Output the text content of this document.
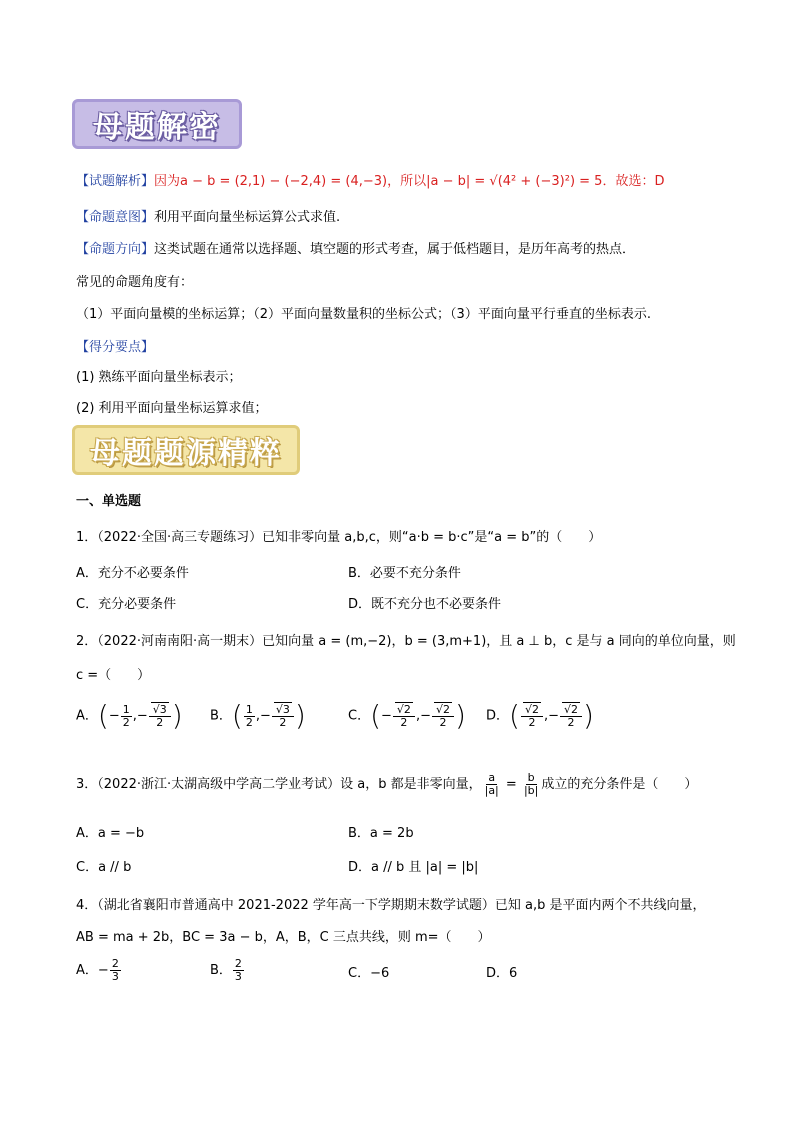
母题解密
【试题解析】因为a − b = (2,1) − (−2,4) = (4,−3)，所以|a − b| = √(4² + (−3)²) = 5．故选：D
【命题意图】利用平面向量坐标运算公式求值.
【命题方向】这类试题在通常以选择题、填空题的形式考查，属于低档题目，是历年高考的热点．
常见的命题角度有：
（1）平面向量模的坐标运算；（2）平面向量数量积的坐标公式；（3）平面向量平行垂直的坐标表示.
【得分要点】
(1) 熟练平面向量坐标表示；
(2) 利用平面向量坐标运算求值；
母题题源精粹
一、单选题
1．（2022·全国·高三专题练习）已知非零向量 a,b,c，则“a·b = b·c”是“a = b”的（　　）
A．充分不必要条件	B．必要不充分条件
C．充分必要条件	D．既不充分也不必要条件
2．（2022·河南南阳·高一期末）已知向量 a = (m,−2)，b = (3,m+1)，且 a ⊥ b，c 是与 a 同向的单位向量，则
c =（　　）
A．(− $\frac{1}{2}$ ,− $\frac{√3}{2}$ ) B．( $\frac{1}{2}$ ,− $\frac{√3}{2}$ )	C．(− $\frac{√2}{2}$ ,− $\frac{√2}{2}$ ) D．( $\frac{√2}{2}$ ,− $\frac{√2}{2}$ )
3．（2022·浙江·太湖高级中学高二学业考试）设 a，b 都是非零向量， $\frac{a}{|a|} = \frac{b}{|b|}$ 成立的充分条件是（　　）
A．a = −b	B．a = 2b
C．a // b	D．a // b 且 |a| = |b|
4．（湖北省襄阳市普通高中 2021-2022 学年高一下学期期末数学试题）已知 a,b 是平面内两个不共线向量，
AB = ma + 2b，BC = 3a − b，A，B，C 三点共线，则 m=（　　）
A．− $\frac{2}{3}$	B． $\frac{2}{3}$	C．−6	D．6
